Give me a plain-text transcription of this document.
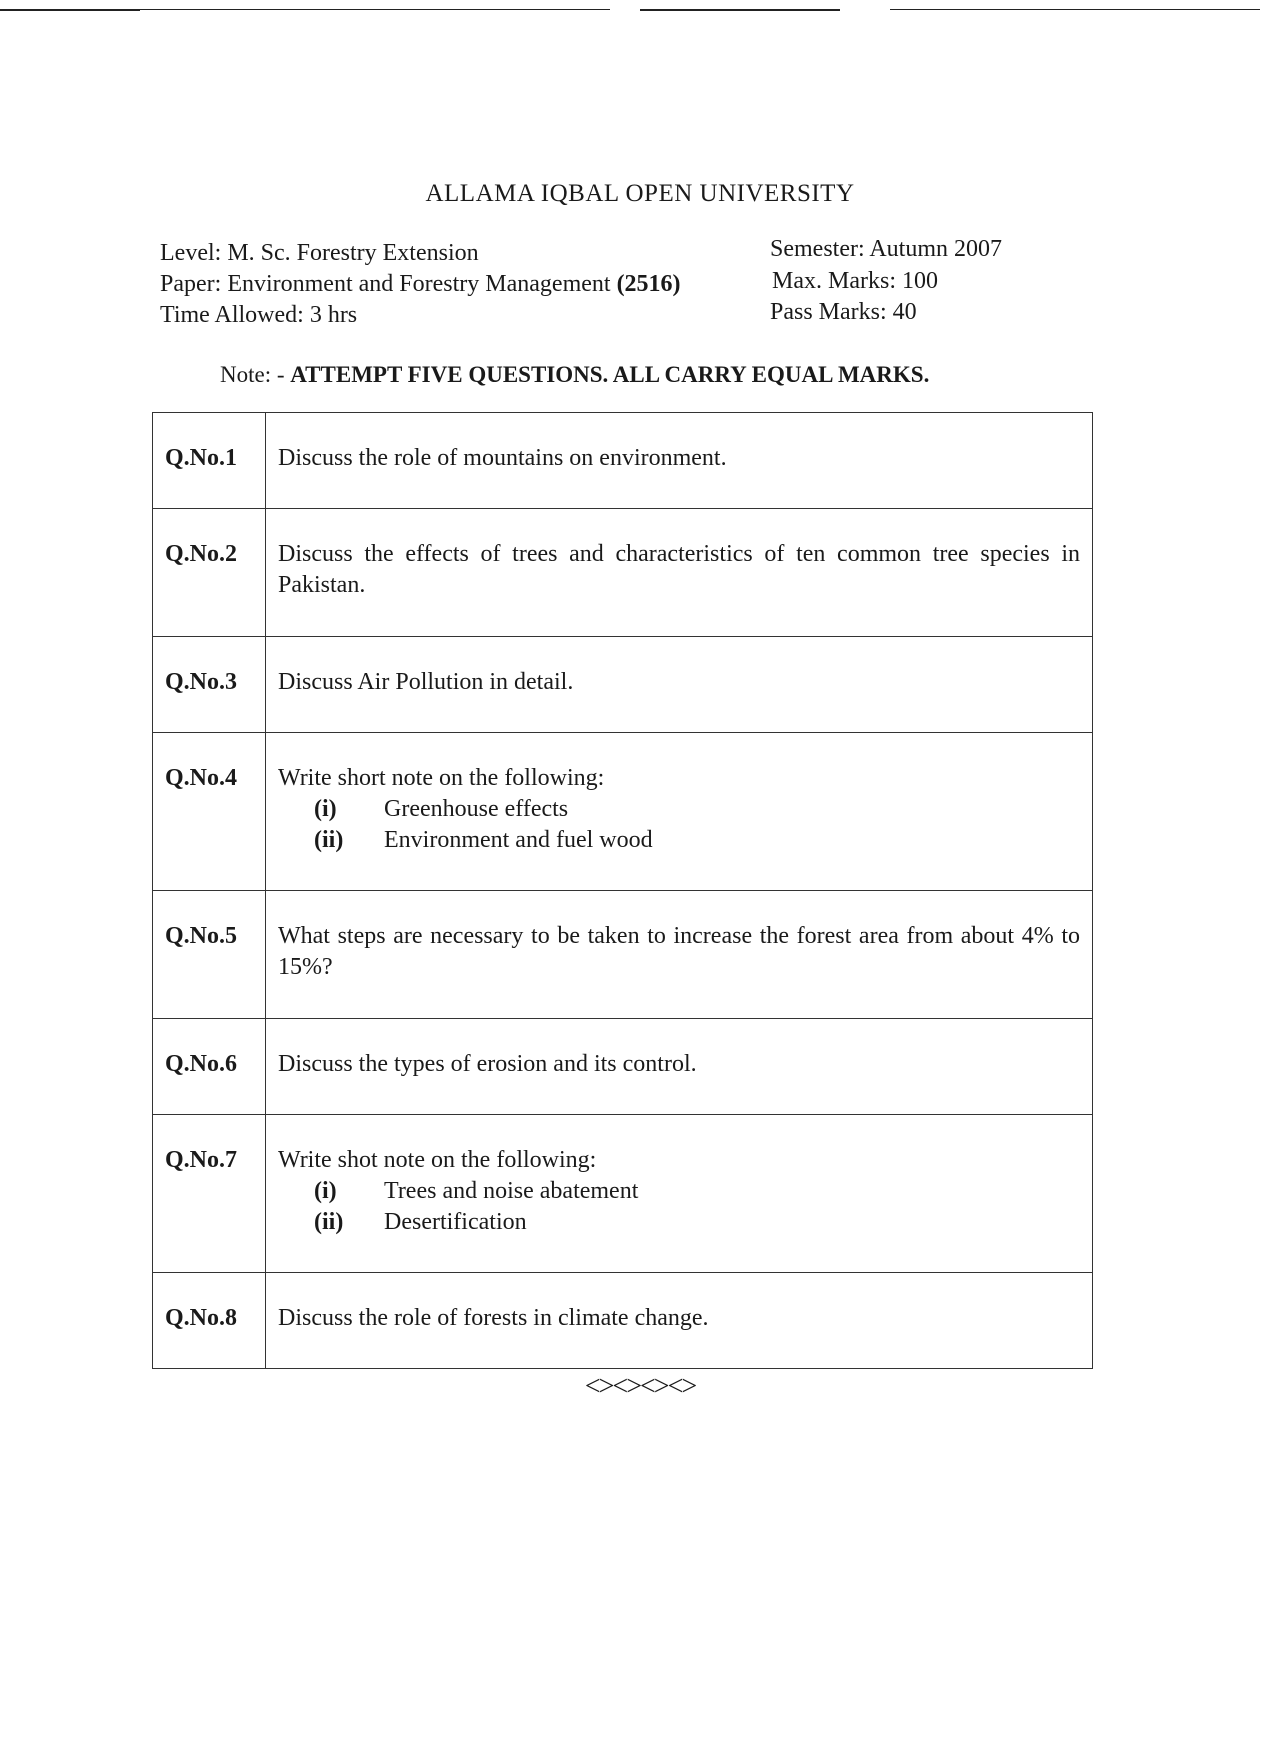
ALLAMA IQBAL OPEN UNIVERSITY
Level: M. Sc. Forestry Extension	Semester: Autumn 2007
Paper: Environment and Forestry Management (2516)	Max. Marks: 100
Time Allowed: 3 hrs	Pass Marks: 40
Note: - ATTEMPT FIVE QUESTIONS. ALL CARRY EQUAL MARKS.
Q.No.1	Discuss the role of mountains on environment.
Q.No.2	Discuss the effects of trees and characteristics of ten common tree species in Pakistan.
Q.No.3	Discuss Air Pollution in detail.
Q.No.4	Write short note on the following:
(i) Greenhouse effects
(ii) Environment and fuel wood

Q.No.5	What steps are necessary to be taken to increase the forest area from about 4% to 15%?
Q.No.6	Discuss the types of erosion and its control.
Q.No.7	Write shot note on the following:
(i) Trees and noise abatement
(ii) Desertification

Q.No.8	Discuss the role of forests in climate change.
<><><><>
